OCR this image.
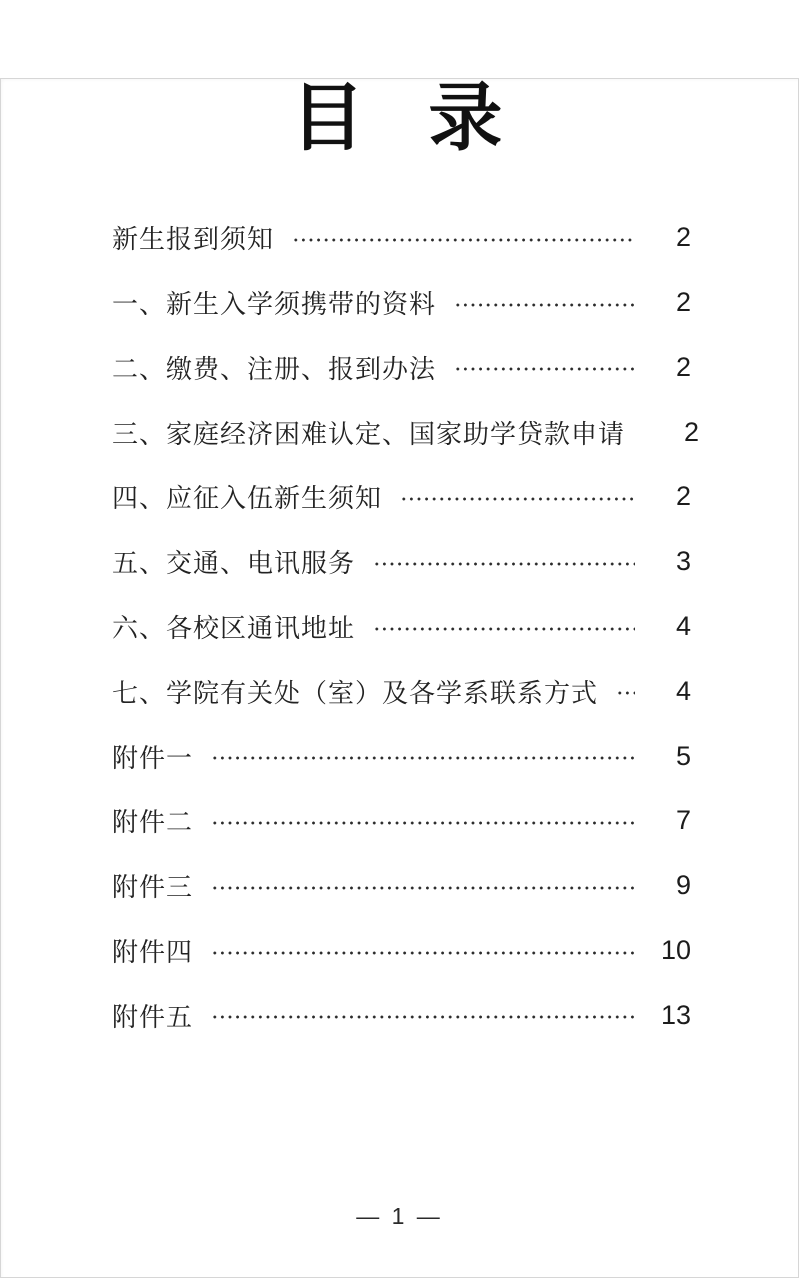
目 录
新生报到须知	2
一、新生入学须携带的资料	2
二、缴费、注册、报到办法	2
三、家庭经济困难认定、国家助学贷款申请	2
四、应征入伍新生须知	2
五、交通、电讯服务	3
六、各校区通讯地址	4
七、学院有关处（室）及各学系联系方式	4
附件一	5
附件二	7
附件三	9
附件四	10
附件五	13
— 1 —
